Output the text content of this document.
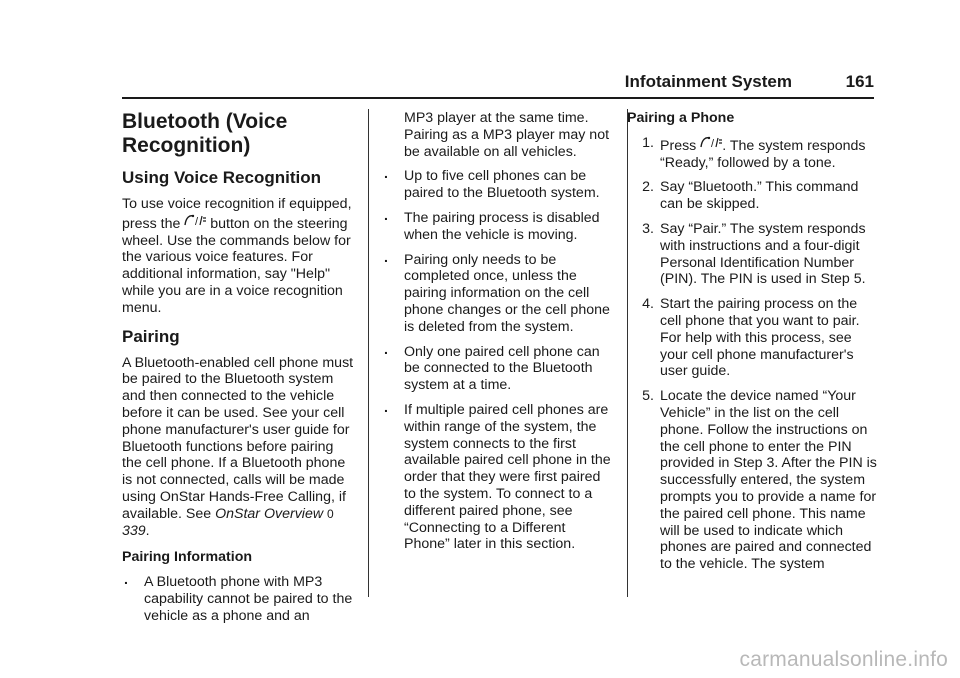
Infotainment System	161
Bluetooth (Voice Recognition)
Using Voice Recognition

To use voice recognition if equipped, press the / button on the steering wheel. Use the commands below for the various voice features. For additional information, say "Help" while you are in a voice recognition menu.

Pairing

A Bluetooth-enabled cell phone must be paired to the Bluetooth system and then connected to the vehicle before it can be used. See your cell phone manufacturer's user guide for Bluetooth functions before pairing the cell phone. If a Bluetooth phone is not connected, calls will be made using OnStar Hands-Free Calling, if available. See OnStar Overview 0 339.

Pairing Information
. A Bluetooth phone with MP3 capability cannot be paired to the vehicle as a phone and an

MP3 player at the same time. Pairing as a MP3 player may not be available on all vehicles.

. Up to five cell phones can be paired to the Bluetooth system.
. The pairing process is disabled when the vehicle is moving.
. Pairing only needs to be completed once, unless the pairing information on the cell phone changes or the cell phone is deleted from the system.
. Only one paired cell phone can be connected to the Bluetooth system at a time.
. If multiple paired cell phones are within range of the system, the system connects to the first available paired cell phone in the order that they were first paired to the system. To connect to a different paired phone, see “Connecting to a Different Phone” later in this section.
Pairing a Phone
1. Press / . The system responds “Ready,” followed by a tone.
2. Say “Bluetooth.” This command can be skipped.
3. Say “Pair.” The system responds with instructions and a four-digit Personal Identification Number (PIN). The PIN is used in Step 5.
4. Start the pairing process on the cell phone that you want to pair. For help with this process, see your cell phone manufacturer's user guide.
5. Locate the device named “Your Vehicle” in the list on the cell phone. Follow the instructions on the cell phone to enter the PIN provided in Step 3. After the PIN is successfully entered, the system prompts you to provide a name for the paired cell phone. This name will be used to indicate which phones are paired and connected to the vehicle. The system
carmanualsonline.info
